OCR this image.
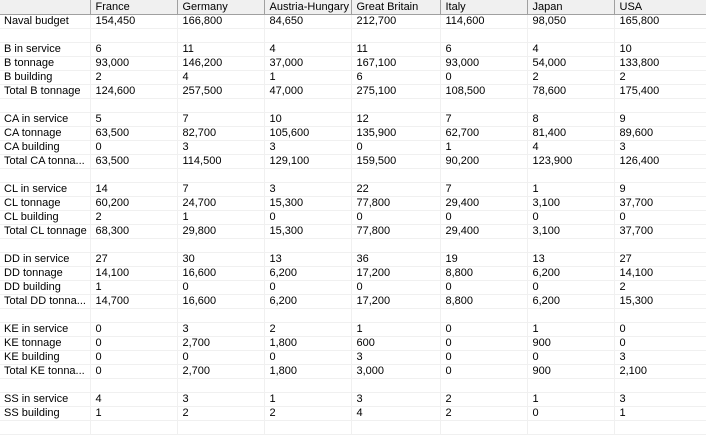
	France	Germany	Austria-Hungary	Great Britain	Italy	Japan	USA
Naval budget	154,450	166,800	84,650	212,700	114,600	98,050	165,800

B in service	6	11	4	11	6	4	10
B tonnage	93,000	146,200	37,000	167,100	93,000	54,000	133,800
B building	2	4	1	6	0	2	2
Total B tonnage	124,600	257,500	47,000	275,100	108,500	78,600	175,400

CA in service	5	7	10	12	7	8	9
CA tonnage	63,500	82,700	105,600	135,900	62,700	81,400	89,600
CA building	0	3	3	0	1	4	3
Total CA tonna...	63,500	114,500	129,100	159,500	90,200	123,900	126,400

CL in service	14	7	3	22	7	1	9
CL tonnage	60,200	24,700	15,300	77,800	29,400	3,100	37,700
CL building	2	1	0	0	0	0	0
Total CL tonnage	68,300	29,800	15,300	77,800	29,400	3,100	37,700

DD in service	27	30	13	36	19	13	27
DD tonnage	14,100	16,600	6,200	17,200	8,800	6,200	14,100
DD building	1	0	0	0	0	0	2
Total DD tonna...	14,700	16,600	6,200	17,200	8,800	6,200	15,300

KE in service	0	3	2	1	0	1	0
KE tonnage	0	2,700	1,800	600	0	900	0
KE building	0	0	0	3	0	0	3
Total KE tonna...	0	2,700	1,800	3,000	0	900	2,100

SS in service	4	3	1	3	2	1	3
SS building	1	2	2	4	2	0	1
